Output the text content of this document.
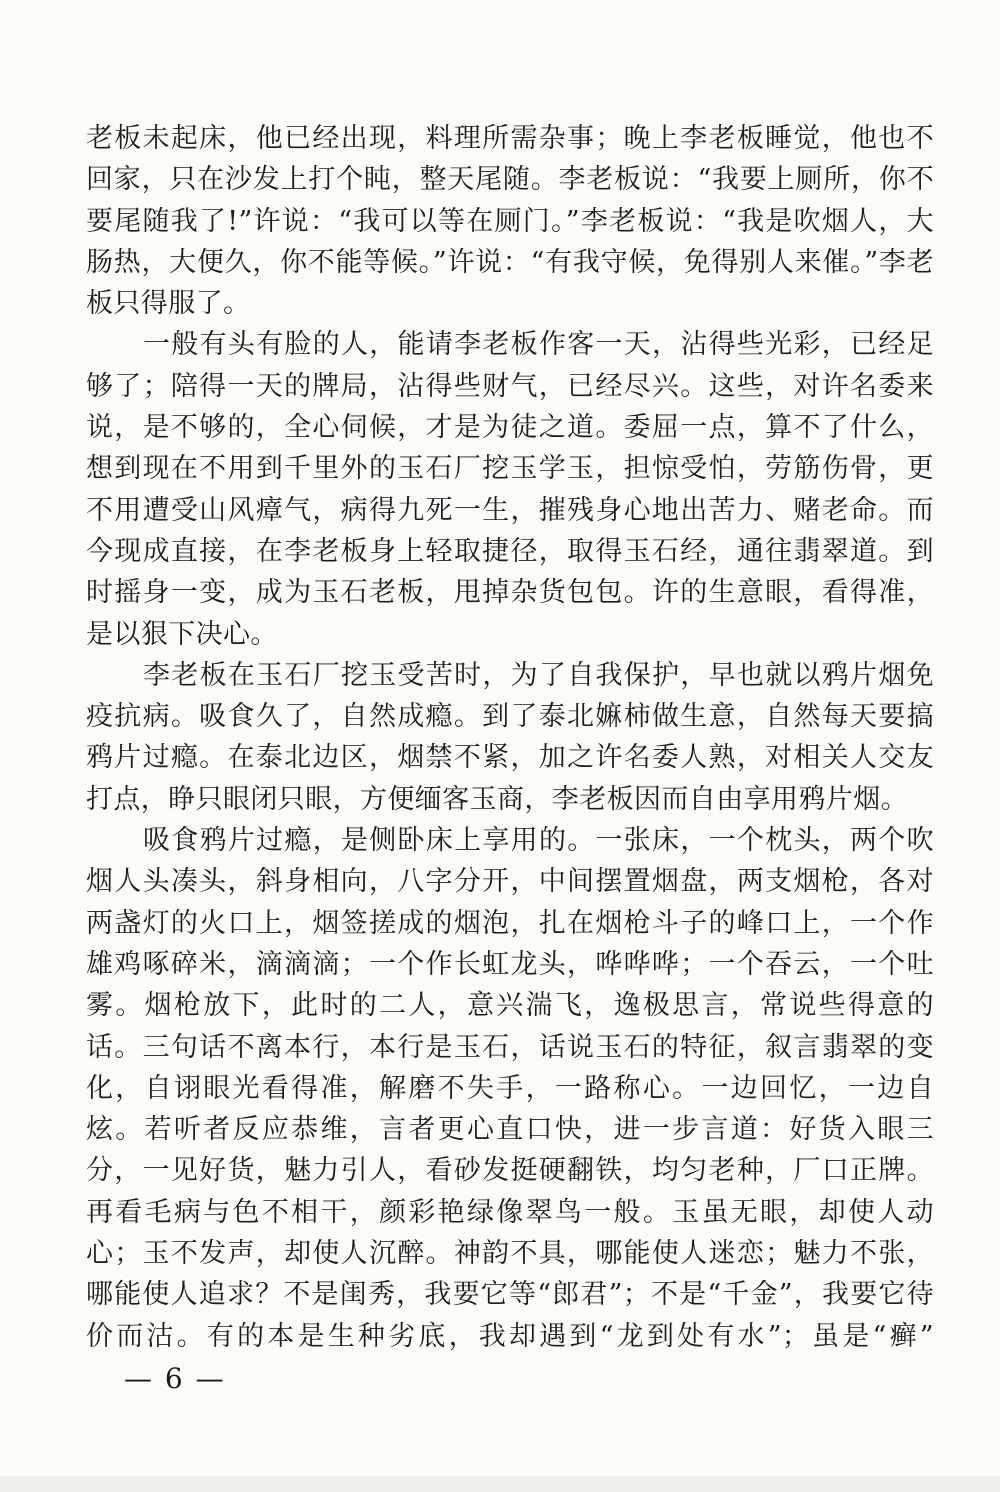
老板未起床，他已经出现，料理所需杂事；晚上李老板睡觉，他也不回家，只在沙发上打个盹，整天尾随。李老板说：“我要上厕所，你不要尾随我了!”许说：“我可以等在厕门。”李老板说：“我是吹烟人，大肠热，大便久，你不能等候。”许说：“有我守候，免得别人来催。”李老板只得服了。

一般有头有脸的人，能请李老板作客一天，沾得些光彩，已经足够了；陪得一天的牌局，沾得些财气，已经尽兴。这些，对许名委来说，是不够的，全心伺候，才是为徒之道。委屈一点，算不了什么，想到现在不用到千里外的玉石厂挖玉学玉，担惊受怕，劳筋伤骨，更不用遭受山风瘴气，病得九死一生，摧残身心地出苦力、赌老命。而今现成直接，在李老板身上轻取捷径，取得玉石经，通往翡翠道。到时摇身一变，成为玉石老板，甩掉杂货包包。许的生意眼，看得准，是以狠下决心。

李老板在玉石厂挖玉受苦时，为了自我保护，早也就以鸦片烟免疫抗病。吸食久了，自然成瘾。到了泰北嫲柿做生意，自然每天要搞鸦片过瘾。在泰北边区，烟禁不紧，加之许名委人熟，对相关人交友打点，睁只眼闭只眼，方便缅客玉商，李老板因而自由享用鸦片烟。

吸食鸦片过瘾，是侧卧床上享用的。一张床，一个枕头，两个吹烟人头凑头，斜身相向，八字分开，中间摆置烟盘，两支烟枪，各对两盏灯的火口上，烟签搓成的烟泡，扎在烟枪斗子的峰口上，一个作雄鸡啄碎米，滴滴滴；一个作长虹龙头，哗哗哗；一个吞云，一个吐雾。烟枪放下，此时的二人，意兴湍飞，逸极思言，常说些得意的话。三句话不离本行，本行是玉石，话说玉石的特征，叙言翡翠的变化，自诩眼光看得准，解磨不失手，一路称心。一边回忆，一边自炫。若听者反应恭维，言者更心直口快，进一步言道：好货入眼三分，一见好货，魅力引人，看砂发挺硬翻铁，均匀老种，厂口正牌。再看毛病与色不相干，颜彩艳绿像翠鸟一般。玉虽无眼，却使人动心；玉不发声，却使人沉醉。神韵不具，哪能使人迷恋；魅力不张，哪能使人追求？不是闺秀，我要它等“郎君”；不是“千金”，我要它待价而沽。有的本是生种劣底，我却遇到“龙到处有水”；虽是“癣”

— 6 —
